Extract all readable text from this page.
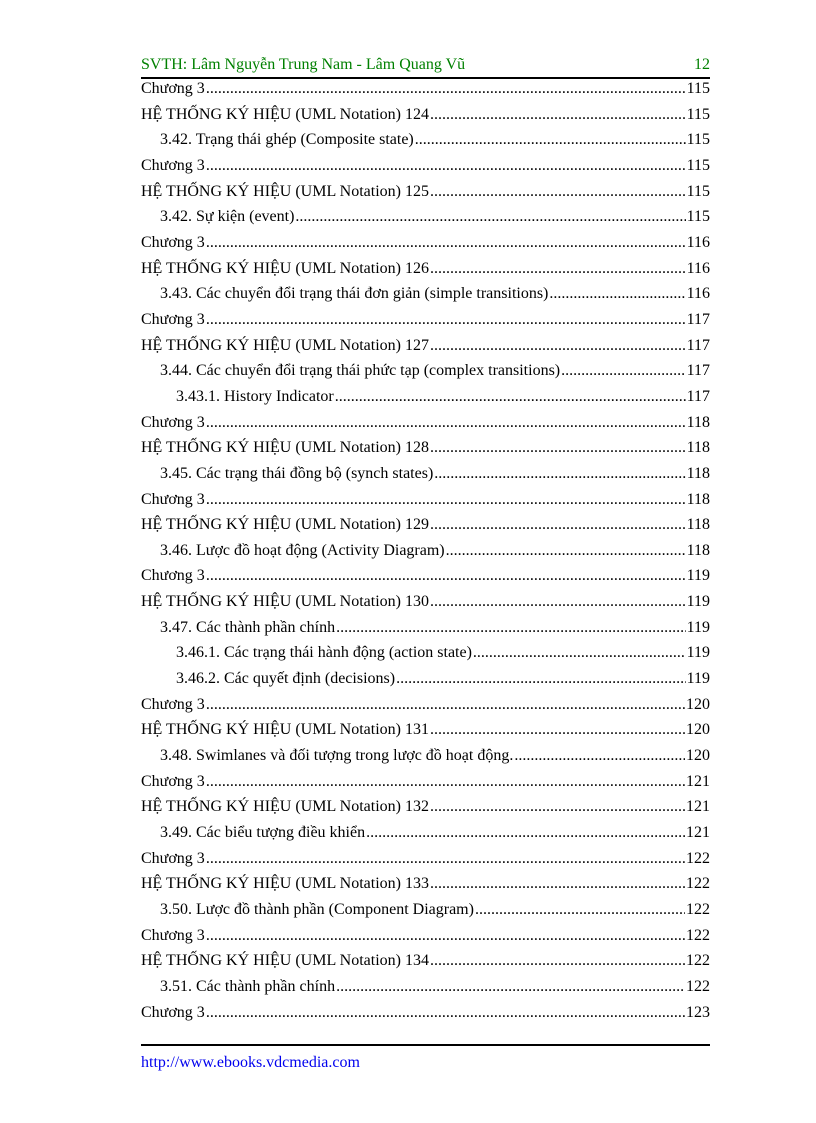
SVTH: Lâm Nguyễn Trung Nam - Lâm Quang Vũ	12
Chương 3 .....	115
HỆ THỐNG KÝ HIỆU (UML Notation) 124 .....	115
3.42. Trạng thái ghép (Composite state) .....	115
Chương 3 .....	115
HỆ THỐNG KÝ HIỆU (UML Notation) 125 .....	115
3.42. Sự kiện (event) .....	115
Chương 3 .....	116
HỆ THỐNG KÝ HIỆU (UML Notation) 126 .....	116
3.43. Các chuyển đổi trạng thái đơn giản (simple transitions) .....	116
Chương 3 .....	117
HỆ THỐNG KÝ HIỆU (UML Notation) 127 .....	117
3.44. Các chuyển đổi trạng thái phức tạp (complex transitions) .....	117
3.43.1. History Indicator .....	117
Chương 3 .....	118
HỆ THỐNG KÝ HIỆU (UML Notation) 128 .....	118
3.45. Các trạng thái đồng bộ (synch states) .....	118
Chương 3 .....	118
HỆ THỐNG KÝ HIỆU (UML Notation) 129 .....	118
3.46. Lược đồ hoạt động (Activity Diagram) .....	118
Chương 3 .....	119
HỆ THỐNG KÝ HIỆU (UML Notation) 130 .....	119
3.47. Các thành phần chính .....	119
3.46.1. Các trạng thái hành động (action state) .....	119
3.46.2. Các quyết định (decisions) .....	119
Chương 3 .....	120
HỆ THỐNG KÝ HIỆU (UML Notation) 131 .....	120
3.48. Swimlanes và đối tượng trong lược đồ hoạt động. .....	120
Chương 3 .....	121
HỆ THỐNG KÝ HIỆU (UML Notation) 132 .....	121
3.49. Các biểu tượng điều khiển .....	121
Chương 3 .....	122
HỆ THỐNG KÝ HIỆU (UML Notation) 133 .....	122
3.50. Lược đồ thành phần (Component Diagram) .....	122
Chương 3 .....	122
HỆ THỐNG KÝ HIỆU (UML Notation) 134 .....	122
3.51. Các thành phần chính .....	122
Chương 3 .....	123
http://www.ebooks.vdcmedia.com
